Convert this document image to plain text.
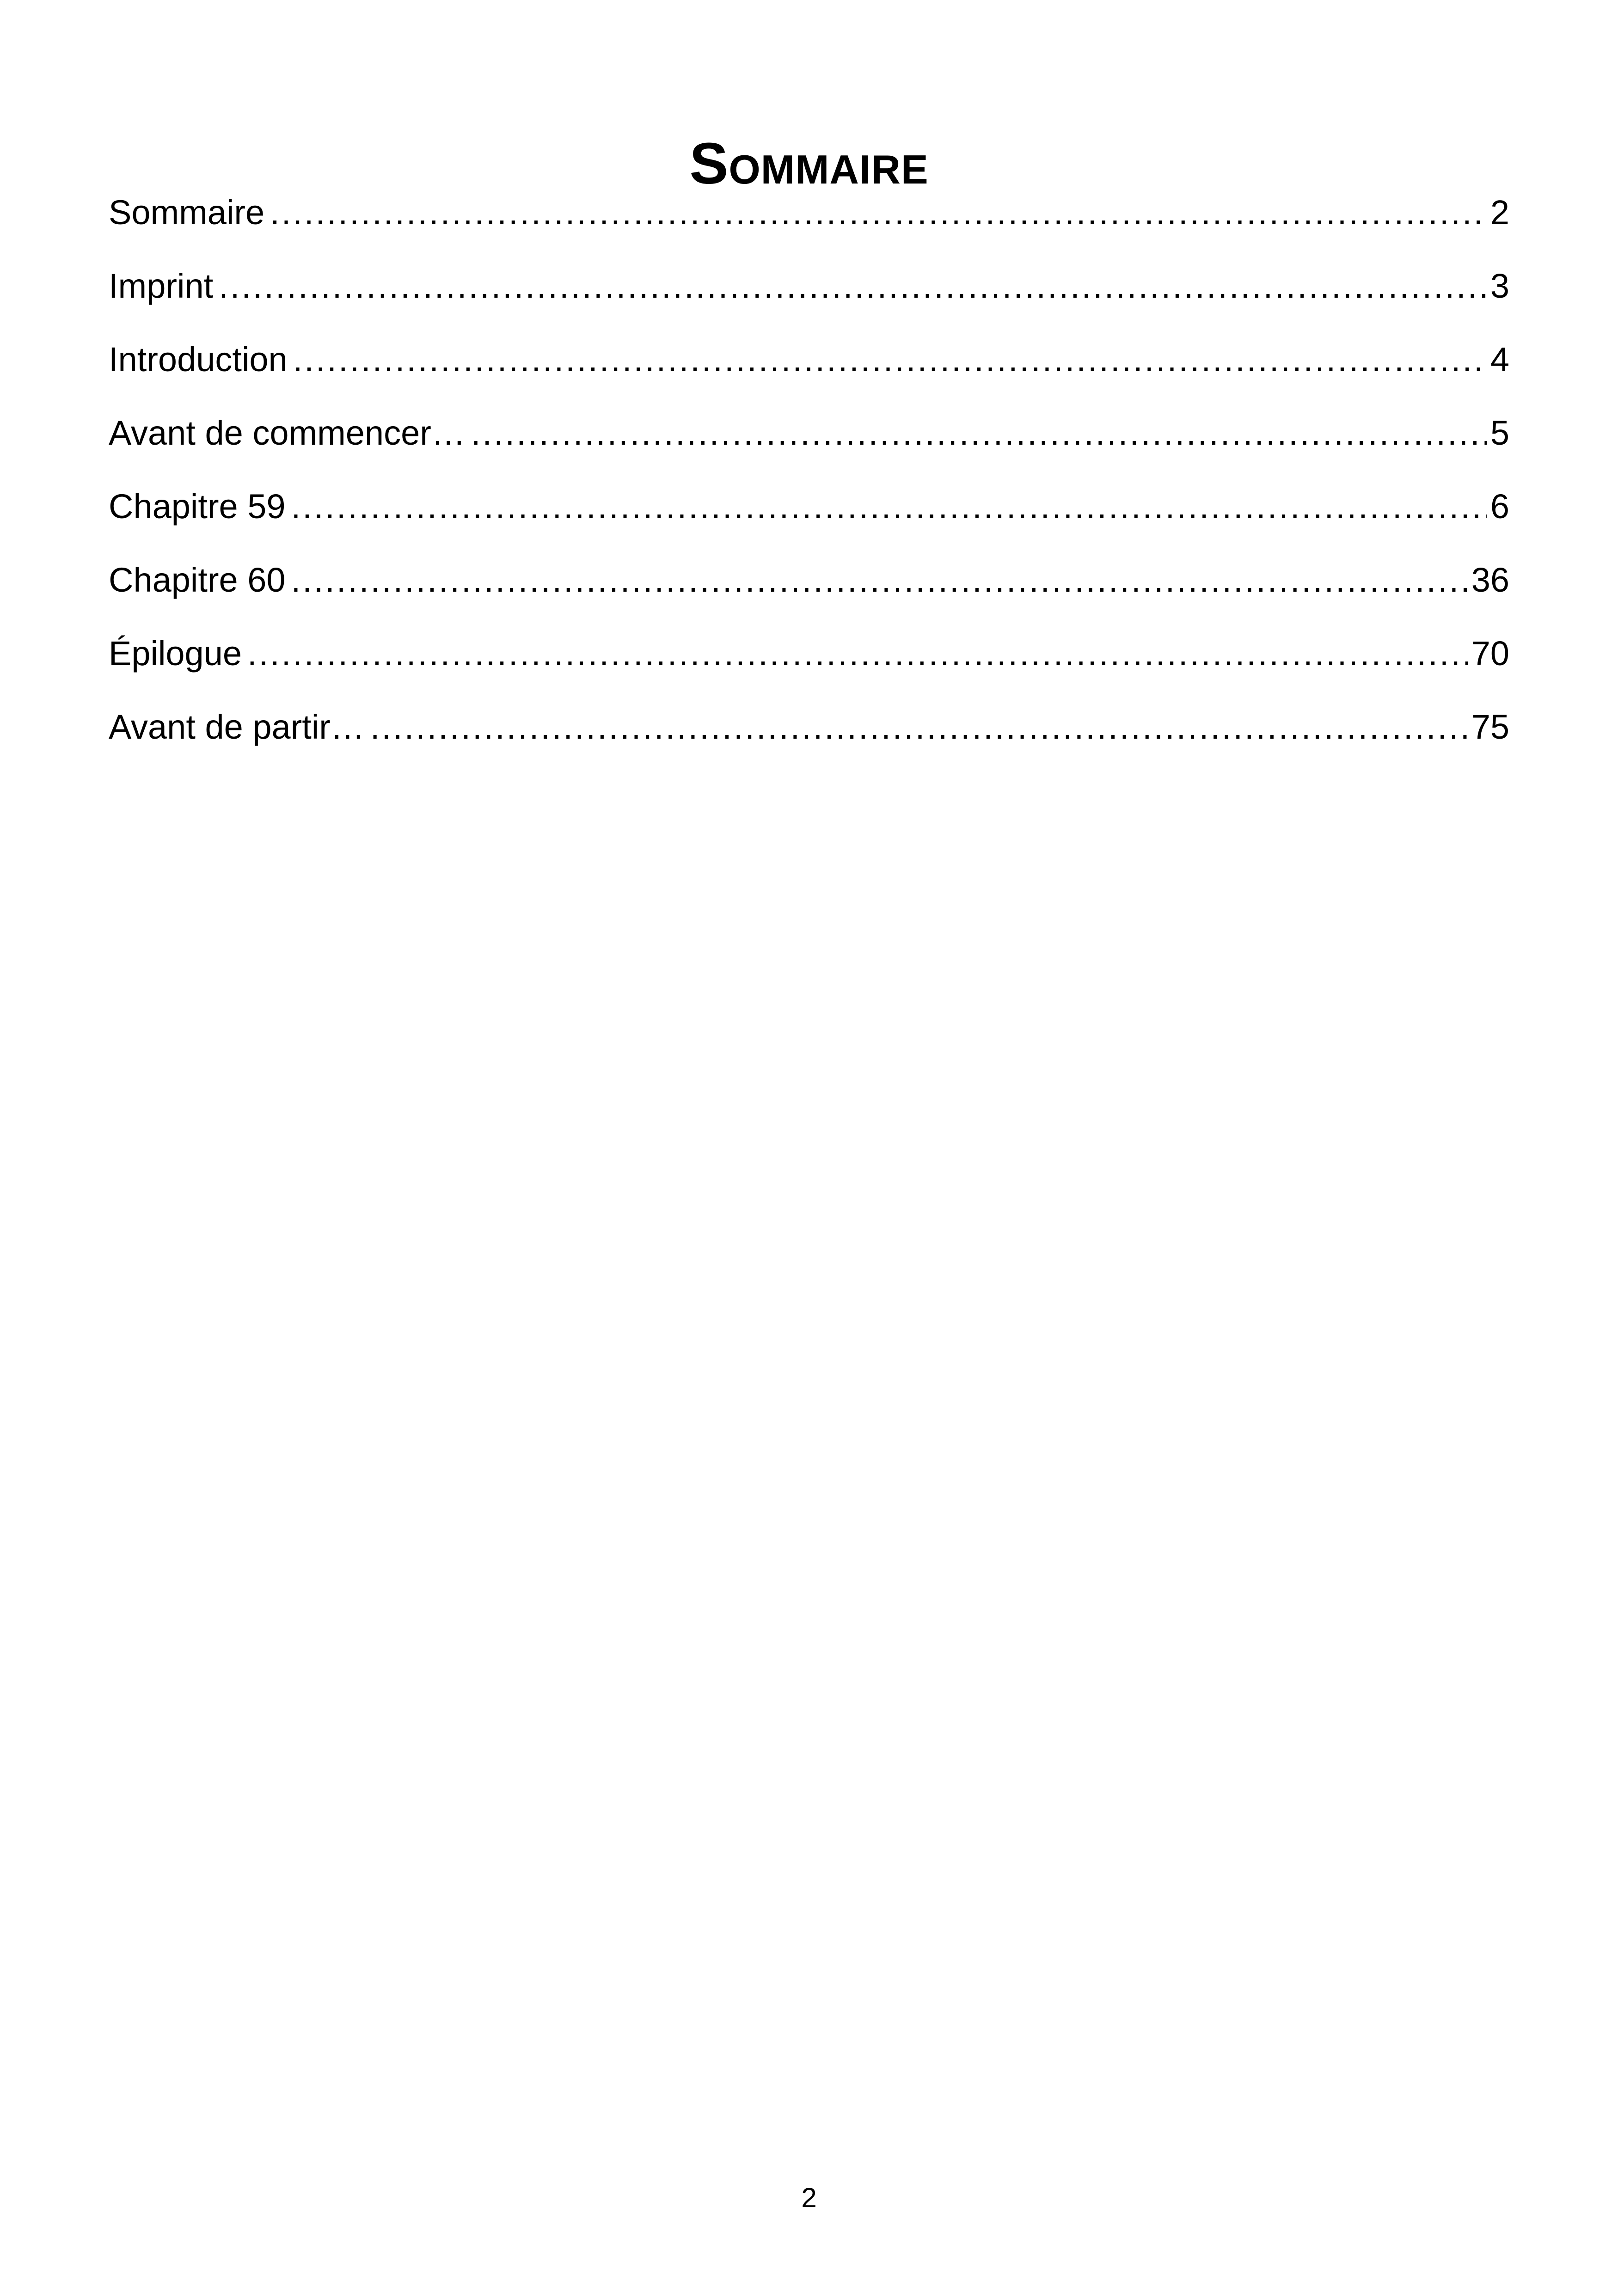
Sommaire
Sommaire .....	2
Imprint .....	3
Introduction .....	4
Avant de commencer… .....	5
Chapitre 59 .....	6
Chapitre 60 .....	36
Épilogue .....	70
Avant de partir… .....	75
2
